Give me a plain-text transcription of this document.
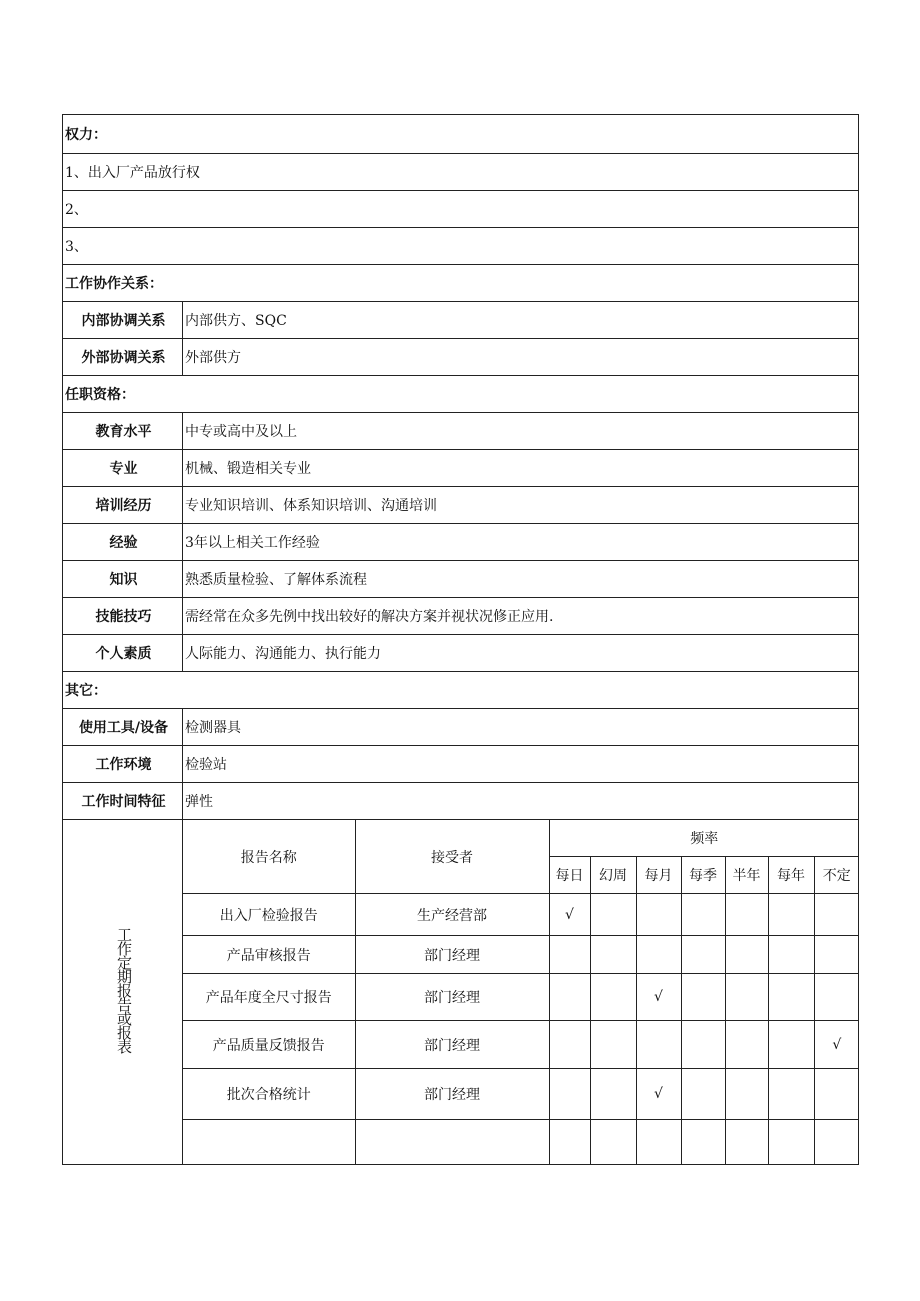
权力：
1、出入厂产品放行权
2、
3、
工作协作关系：
内部协调关系	内部供方、SQC
外部协调关系	外部供方
任职资格：
教育水平	中专或高中及以上
专业	机械、锻造相关专业
培训经历	专业知识培训、体系知识培训、沟通培训
经验	3年以上相关工作经验
知识	熟悉质量检验、了解体系流程
技能技巧	需经常在众多先例中找出较好的解决方案并视状况修正应用.
个人素质	人际能力、沟通能力、执行能力
其它：
使用工具/设备	检测器具
工作环境	检验站
工作时间特征	弹性
工作定期报告或报表	
报告名称	接受者	频率
每日	幻周	每月	每季	半年	每年	不定
出入厂检验报告	生产经营部	√						
产品审核报告	部门经理							
产品年度全尺寸报告	部门经理			√				
产品质量反馈报告	部门经理							√
批次合格统计	部门经理			√				
